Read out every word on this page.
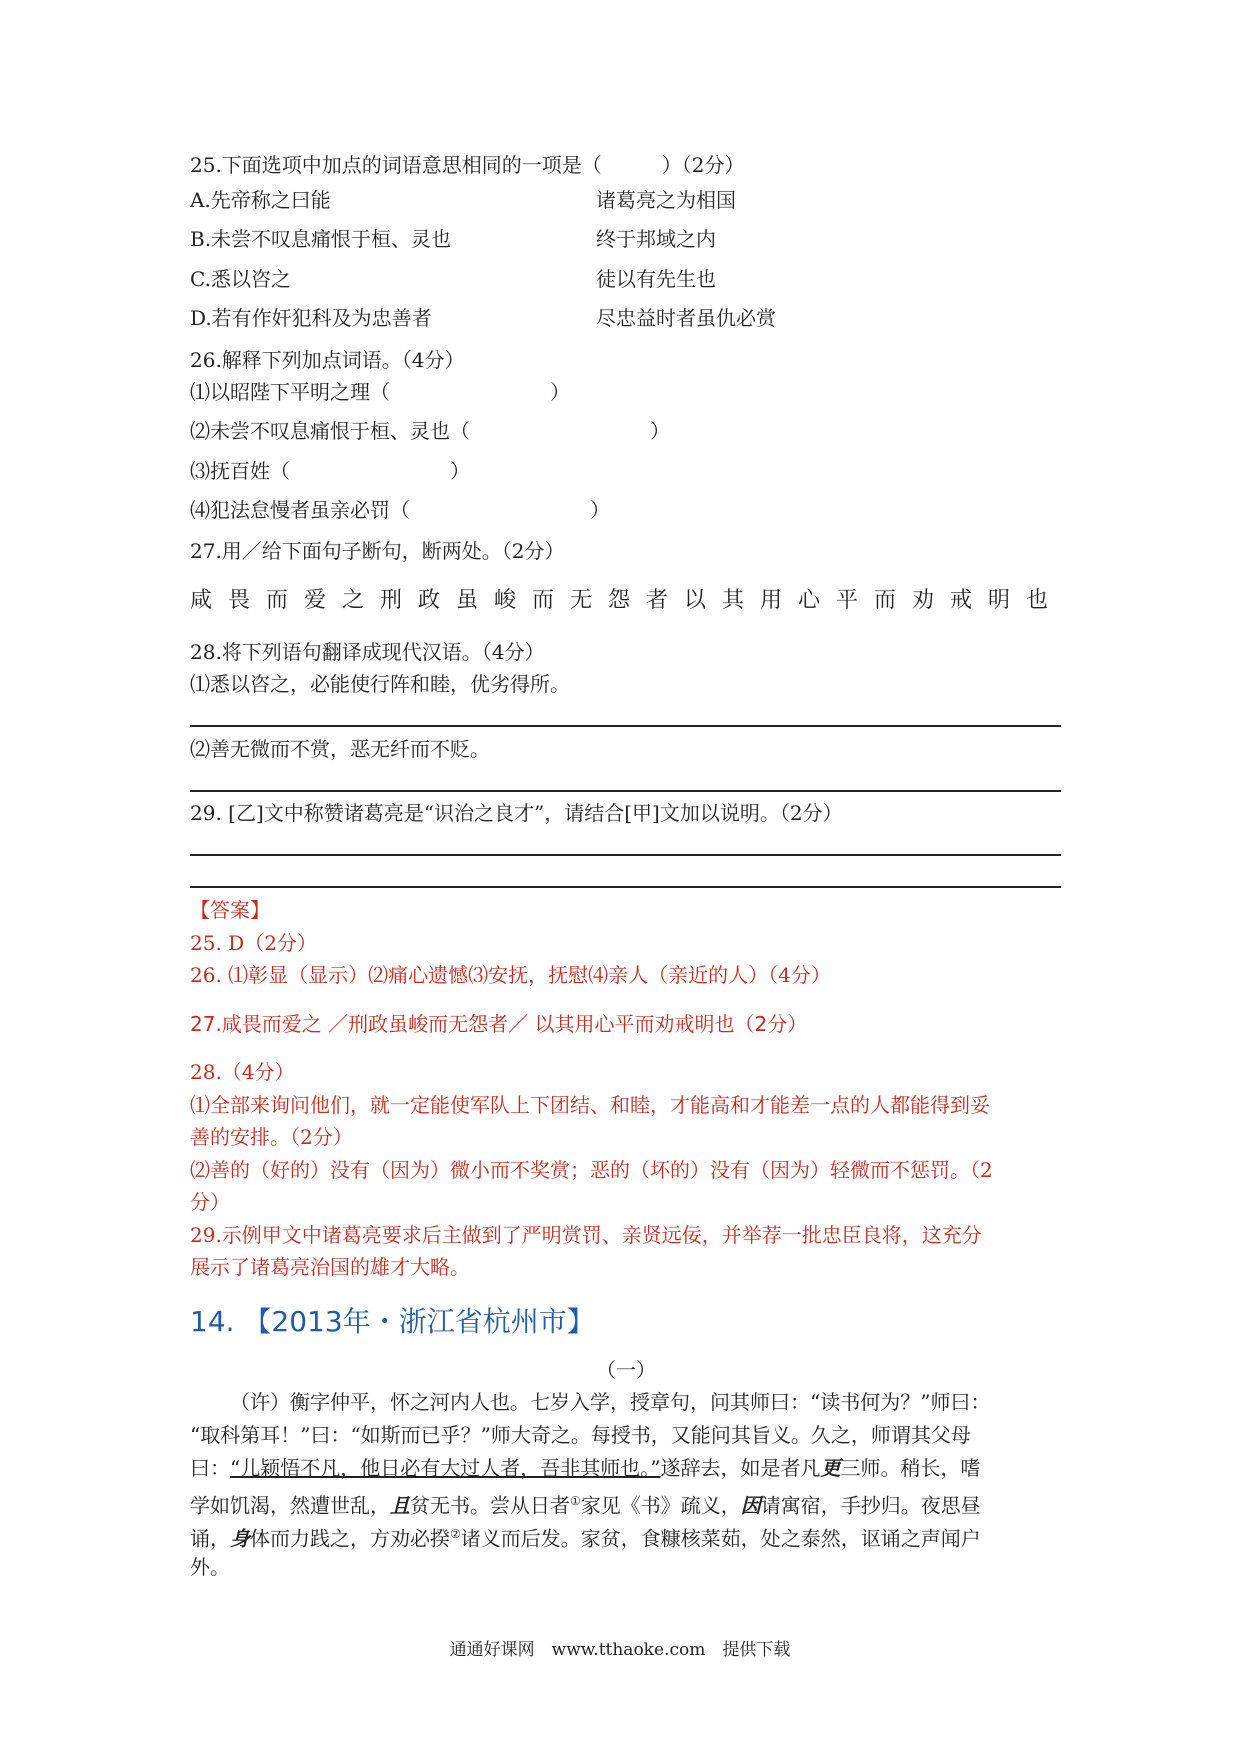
25.下面选项中加点的词语意思相同的一项是（　　　）（2分）

A.先帝称之曰能	诸葛亮之为相国

B.未尝不叹息痛恨于桓、灵也	终于邦域之内

C.悉以咨之	徒以有先生也

D.若有作奸犯科及为忠善者	尽忠益时者虽仇必赏

26.解释下列加点词语。（4分）

⑴以昭陛下平明之理（　　　　　　　　）

⑵未尝不叹息痛恨于桓、灵也（　　　　　　　　　）

⑶抚百姓（　　　　　　　　）

⑷犯法怠慢者虽亲必罚（　　　　　　　　　）

27.用／给下面句子断句，断两处。（2分）

咸畏而爱之刑政虽峻而无怨者以其用心平而劝戒明也

28.将下列语句翻译成现代汉语。（4分）

⑴悉以咨之，必能使行阵和睦，优劣得所。

⑵善无微而不赏，恶无纤而不贬。

29. [乙]文中称赞诸葛亮是“识治之良才”，请结合[甲]文加以说明。（2分）

【答案】

25. D（2分）

26. ⑴彰显（显示）⑵痛心遗憾⑶安抚，抚慰⑷亲人（亲近的人）（4分）

27.咸畏而爱之 ／刑政虽峻而无怨者／ 以其用心平而劝戒明也（2分）

28.（4分）

⑴全部来询问他们，就一定能使军队上下团结、和睦，才能高和才能差一点的人都能得到妥

善的安排。（2分）

⑵善的（好的）没有（因为）微小而不奖赏；恶的（坏的）没有（因为）轻微而不惩罚。（2

分）

29.示例甲文中诸葛亮要求后主做到了严明赏罚、亲贤远佞，并举荐一批忠臣良将，这充分

展示了诸葛亮治国的雄才大略。

14. 【2013年・浙江省杭州市】

（一）

（许）衡字仲平，怀之河内人也。七岁入学，授章句，问其师曰：“读书何为？”师曰：
“取科第耳！”曰：“如斯而已乎？”师大奇之。每授书，又能问其旨义。久之，师谓其父母
曰：“儿颖悟不凡，他日必有大过人者，吾非其师也。”遂辞去，如是者凡更三师。稍长，嗜
学如饥渴，然遭世乱，且贫无书。尝从日者①家见《书》疏义，因请寓宿，手抄归。夜思昼
诵，身体而力践之，方劝必揆②诸义而后发。家贫，食糠核菜茹，处之泰然，讴诵之声闻户
外。

通通好课网　www.tthaoke.com　提供下载
